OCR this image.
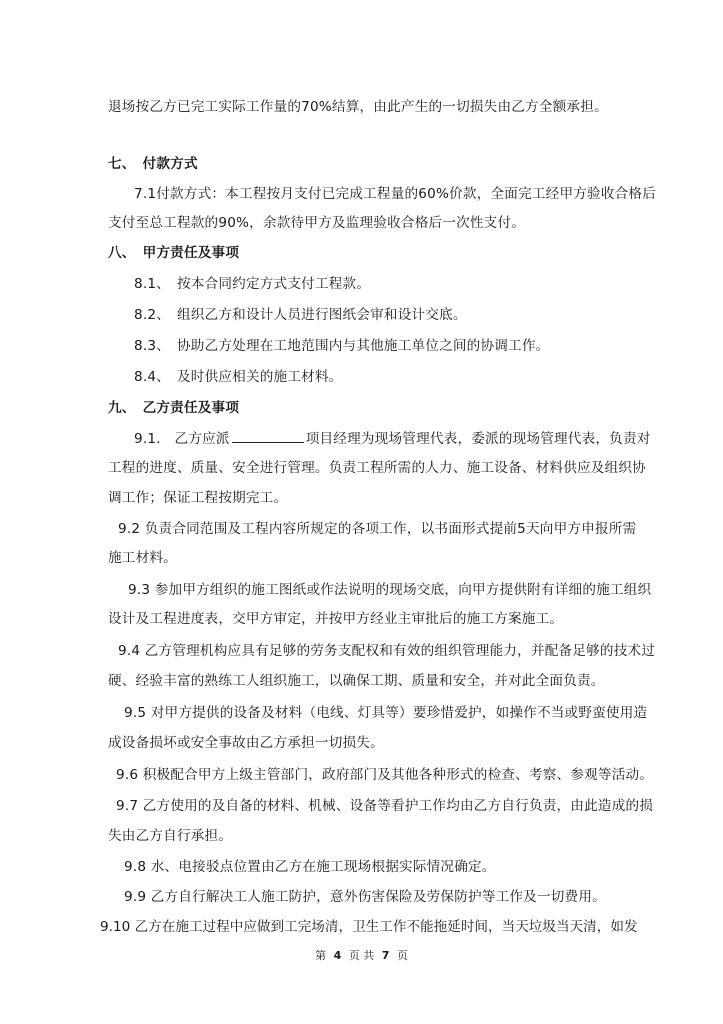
退场按乙方已完工实际工作量的70%结算，由此产生的一切损失由乙方全额承担。
七、　付款方式
7.1付款方式：本工程按月支付已完成工程量的60%价款，全面完工经甲方验收合格后
支付至总工程款的90%，余款待甲方及监理验收合格后一次性支付。
八、　甲方责任及事项
8.1、　按本合同约定方式支付工程款。
8.2、　组织乙方和设计人员进行图纸会审和设计交底。
8.3、　协助乙方处理在工地范围内与其他施工单位之间的协调工作。
8.4、　及时供应相关的施工材料。
九、　乙方责任及事项
9.1.　乙方应派	项目经理为现场管理代表，委派的现场管理代表，负责对
工程的进度、质量、安全进行管理。负责工程所需的人力、施工设备、材料供应及组织协
调工作；保证工程按期完工。
9.2 负责合同范围及工程内容所规定的各项工作，以书面形式提前5天向甲方申报所需
施工材料。
9.3 参加甲方组织的施工图纸或作法说明的现场交底，向甲方提供附有详细的施工组织
设计及工程进度表，交甲方审定，并按甲方经业主审批后的施工方案施工。
9.4 乙方管理机构应具有足够的劳务支配权和有效的组织管理能力，并配备足够的技术过
硬、经验丰富的熟练工人组织施工，以确保工期、质量和安全，并对此全面负责。
9.5 对甲方提供的设备及材料（电线、灯具等）要珍惜爱护，如操作不当或野蛮使用造
成设备损坏或安全事故由乙方承担一切损失。
9.6 积极配合甲方上级主管部门，政府部门及其他各种形式的检查、考察、参观等活动。
9.7 乙方使用的及自备的材料、机械、设备等看护工作均由乙方自行负责，由此造成的损
失由乙方自行承担。
9.8 水、电接驳点位置由乙方在施工现场根据实际情况确定。
9.9 乙方自行解决工人施工防护，意外伤害保险及劳保防护等工作及一切费用。
9.10 乙方在施工过程中应做到工完场清，卫生工作不能拖延时间，当天垃圾当天清，如发
第 4 页 共 7 页
